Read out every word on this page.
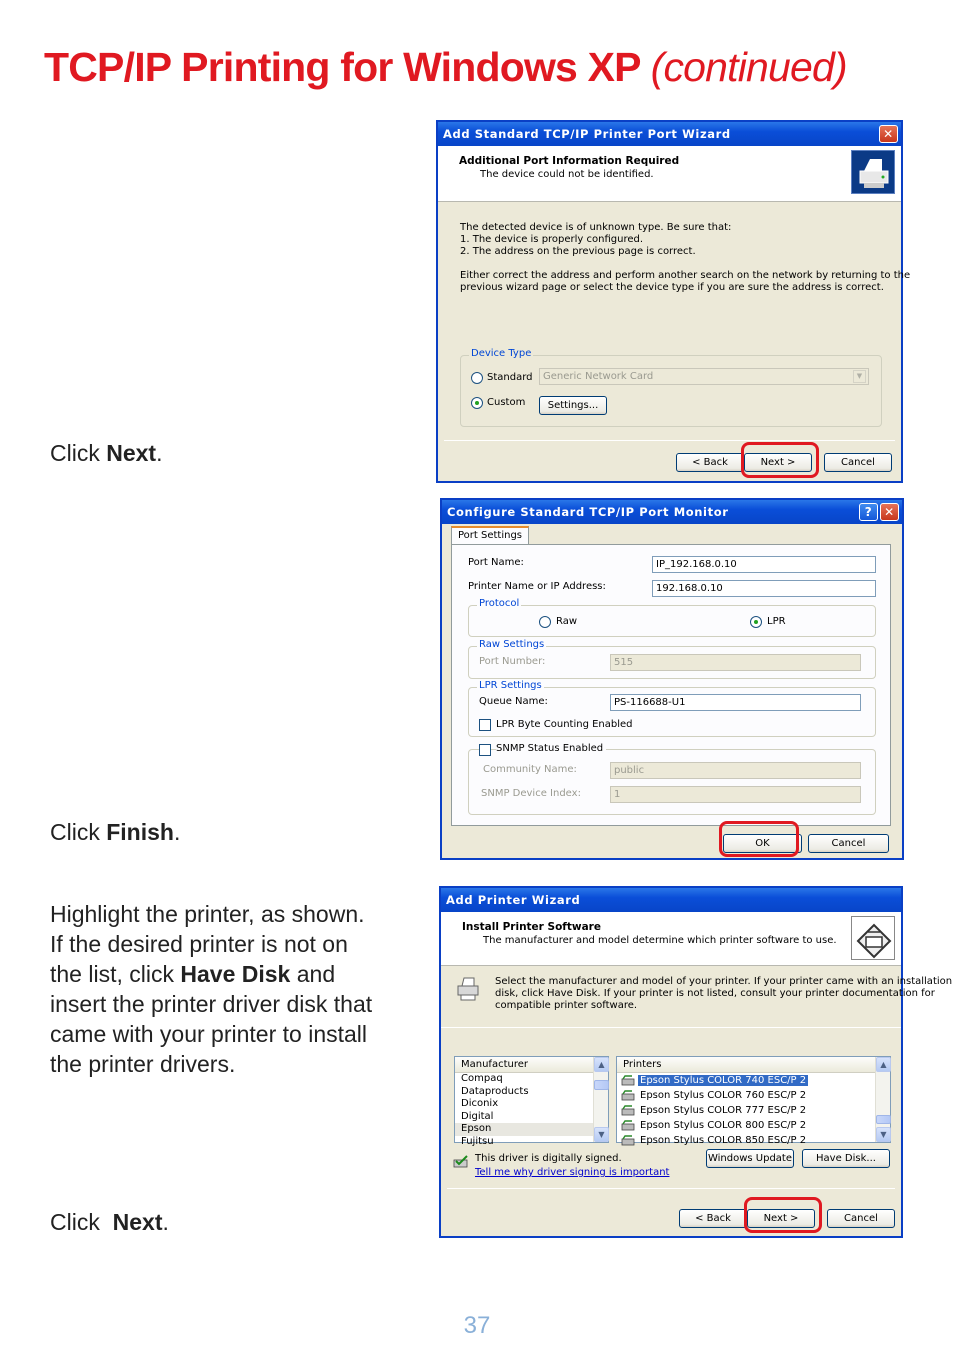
TCP/IP Printing for Windows XP (continued)
Click Next.
Click Finish.
Highlight the printer, as shown.
If the desired printer is not on
the list, click Have Disk and
insert the printer driver disk that
came with your printer to install
the printer drivers.
Click  Next.
Add Standard TCP/IP Printer Port Wizard	✕
Additional Port Information Required
The device could not be identified.
The detected device is of unknown type. Be sure that:
1. The device is properly configured.
2. The address on the previous page is correct.
Either correct the address and perform another search on the network by returning to the
previous wizard page or select the device type if you are sure the address is correct.
Device Type
Standard	Generic Network Card	▼
Custom	Settings...
< Back	Next >	Cancel
Configure Standard TCP/IP Port Monitor	? ✕
Port Settings
Port Name:	IP_192.168.0.10
Printer Name or IP Address:	192.168.0.10
Protocol
Raw	LPR
Raw Settings
Port Number:	515
LPR Settings
Queue Name:	PS-116688-U1
LPR Byte Counting Enabled
SNMP Status Enabled
Community Name:	public
SNMP Device Index:	1
OK	Cancel
Add Printer Wizard
Install Printer Software
The manufacturer and model determine which printer software to use.
Select the manufacturer and model of your printer. If your printer came with an installation
disk, click Have Disk. If your printer is not listed, consult your printer documentation for
compatible printer software.
Manufacturer
Compaq
Dataproducts
Diconix
Digital
Epson
Fujitsu
▲
▼
Printers
Epson Stylus COLOR 740 ESC/P 2
Epson Stylus COLOR 760 ESC/P 2
Epson Stylus COLOR 777 ESC/P 2
Epson Stylus COLOR 800 ESC/P 2
Epson Stylus COLOR 850 ESC/P 2
▲
▼
This driver is digitally signed.
Tell me why driver signing is important
Windows Update	Have Disk...
< Back	Next >	Cancel
37
